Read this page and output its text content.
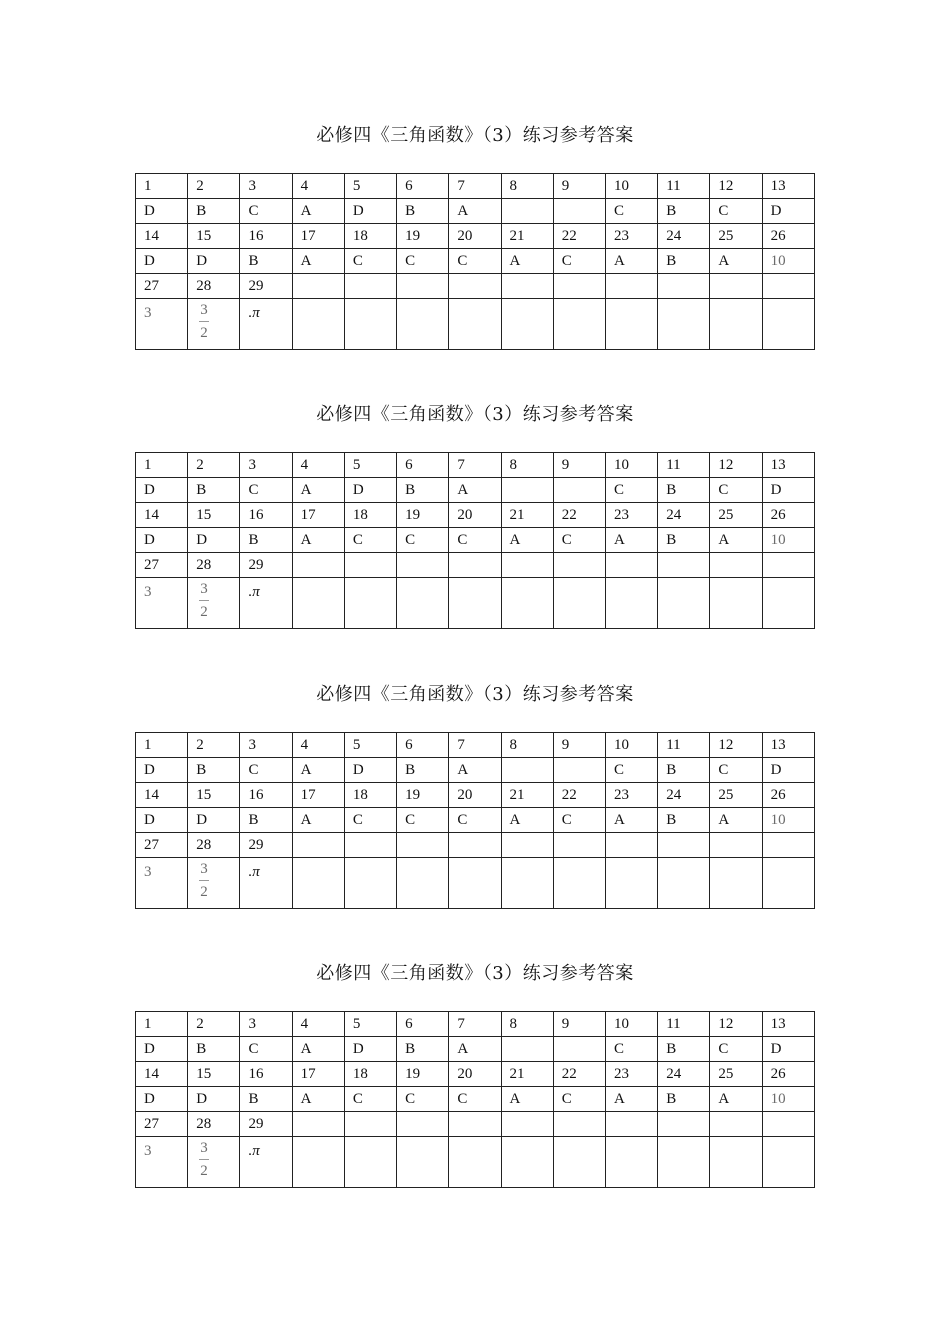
必修四《三角函数》（3）练习参考答案
1	2	3	4	5	6	7	8	9	10	11	12	13
D	B	C	A	D	B	A			C	B	C	D
14	15	16	17	18	19	20	21	22	23	24	25	26
D	D	B	A	C	C	C	A	C	A	B	A	10
27	28	29										
3	$\frac{3}{2}$	.π										
必修四《三角函数》（3）练习参考答案
1	2	3	4	5	6	7	8	9	10	11	12	13
D	B	C	A	D	B	A			C	B	C	D
14	15	16	17	18	19	20	21	22	23	24	25	26
D	D	B	A	C	C	C	A	C	A	B	A	10
27	28	29										
3	$\frac{3}{2}$	.π										
必修四《三角函数》（3）练习参考答案
1	2	3	4	5	6	7	8	9	10	11	12	13
D	B	C	A	D	B	A			C	B	C	D
14	15	16	17	18	19	20	21	22	23	24	25	26
D	D	B	A	C	C	C	A	C	A	B	A	10
27	28	29										
3	$\frac{3}{2}$	.π										
必修四《三角函数》（3）练习参考答案
1	2	3	4	5	6	7	8	9	10	11	12	13
D	B	C	A	D	B	A			C	B	C	D
14	15	16	17	18	19	20	21	22	23	24	25	26
D	D	B	A	C	C	C	A	C	A	B	A	10
27	28	29										
3	$\frac{3}{2}$	.π										
